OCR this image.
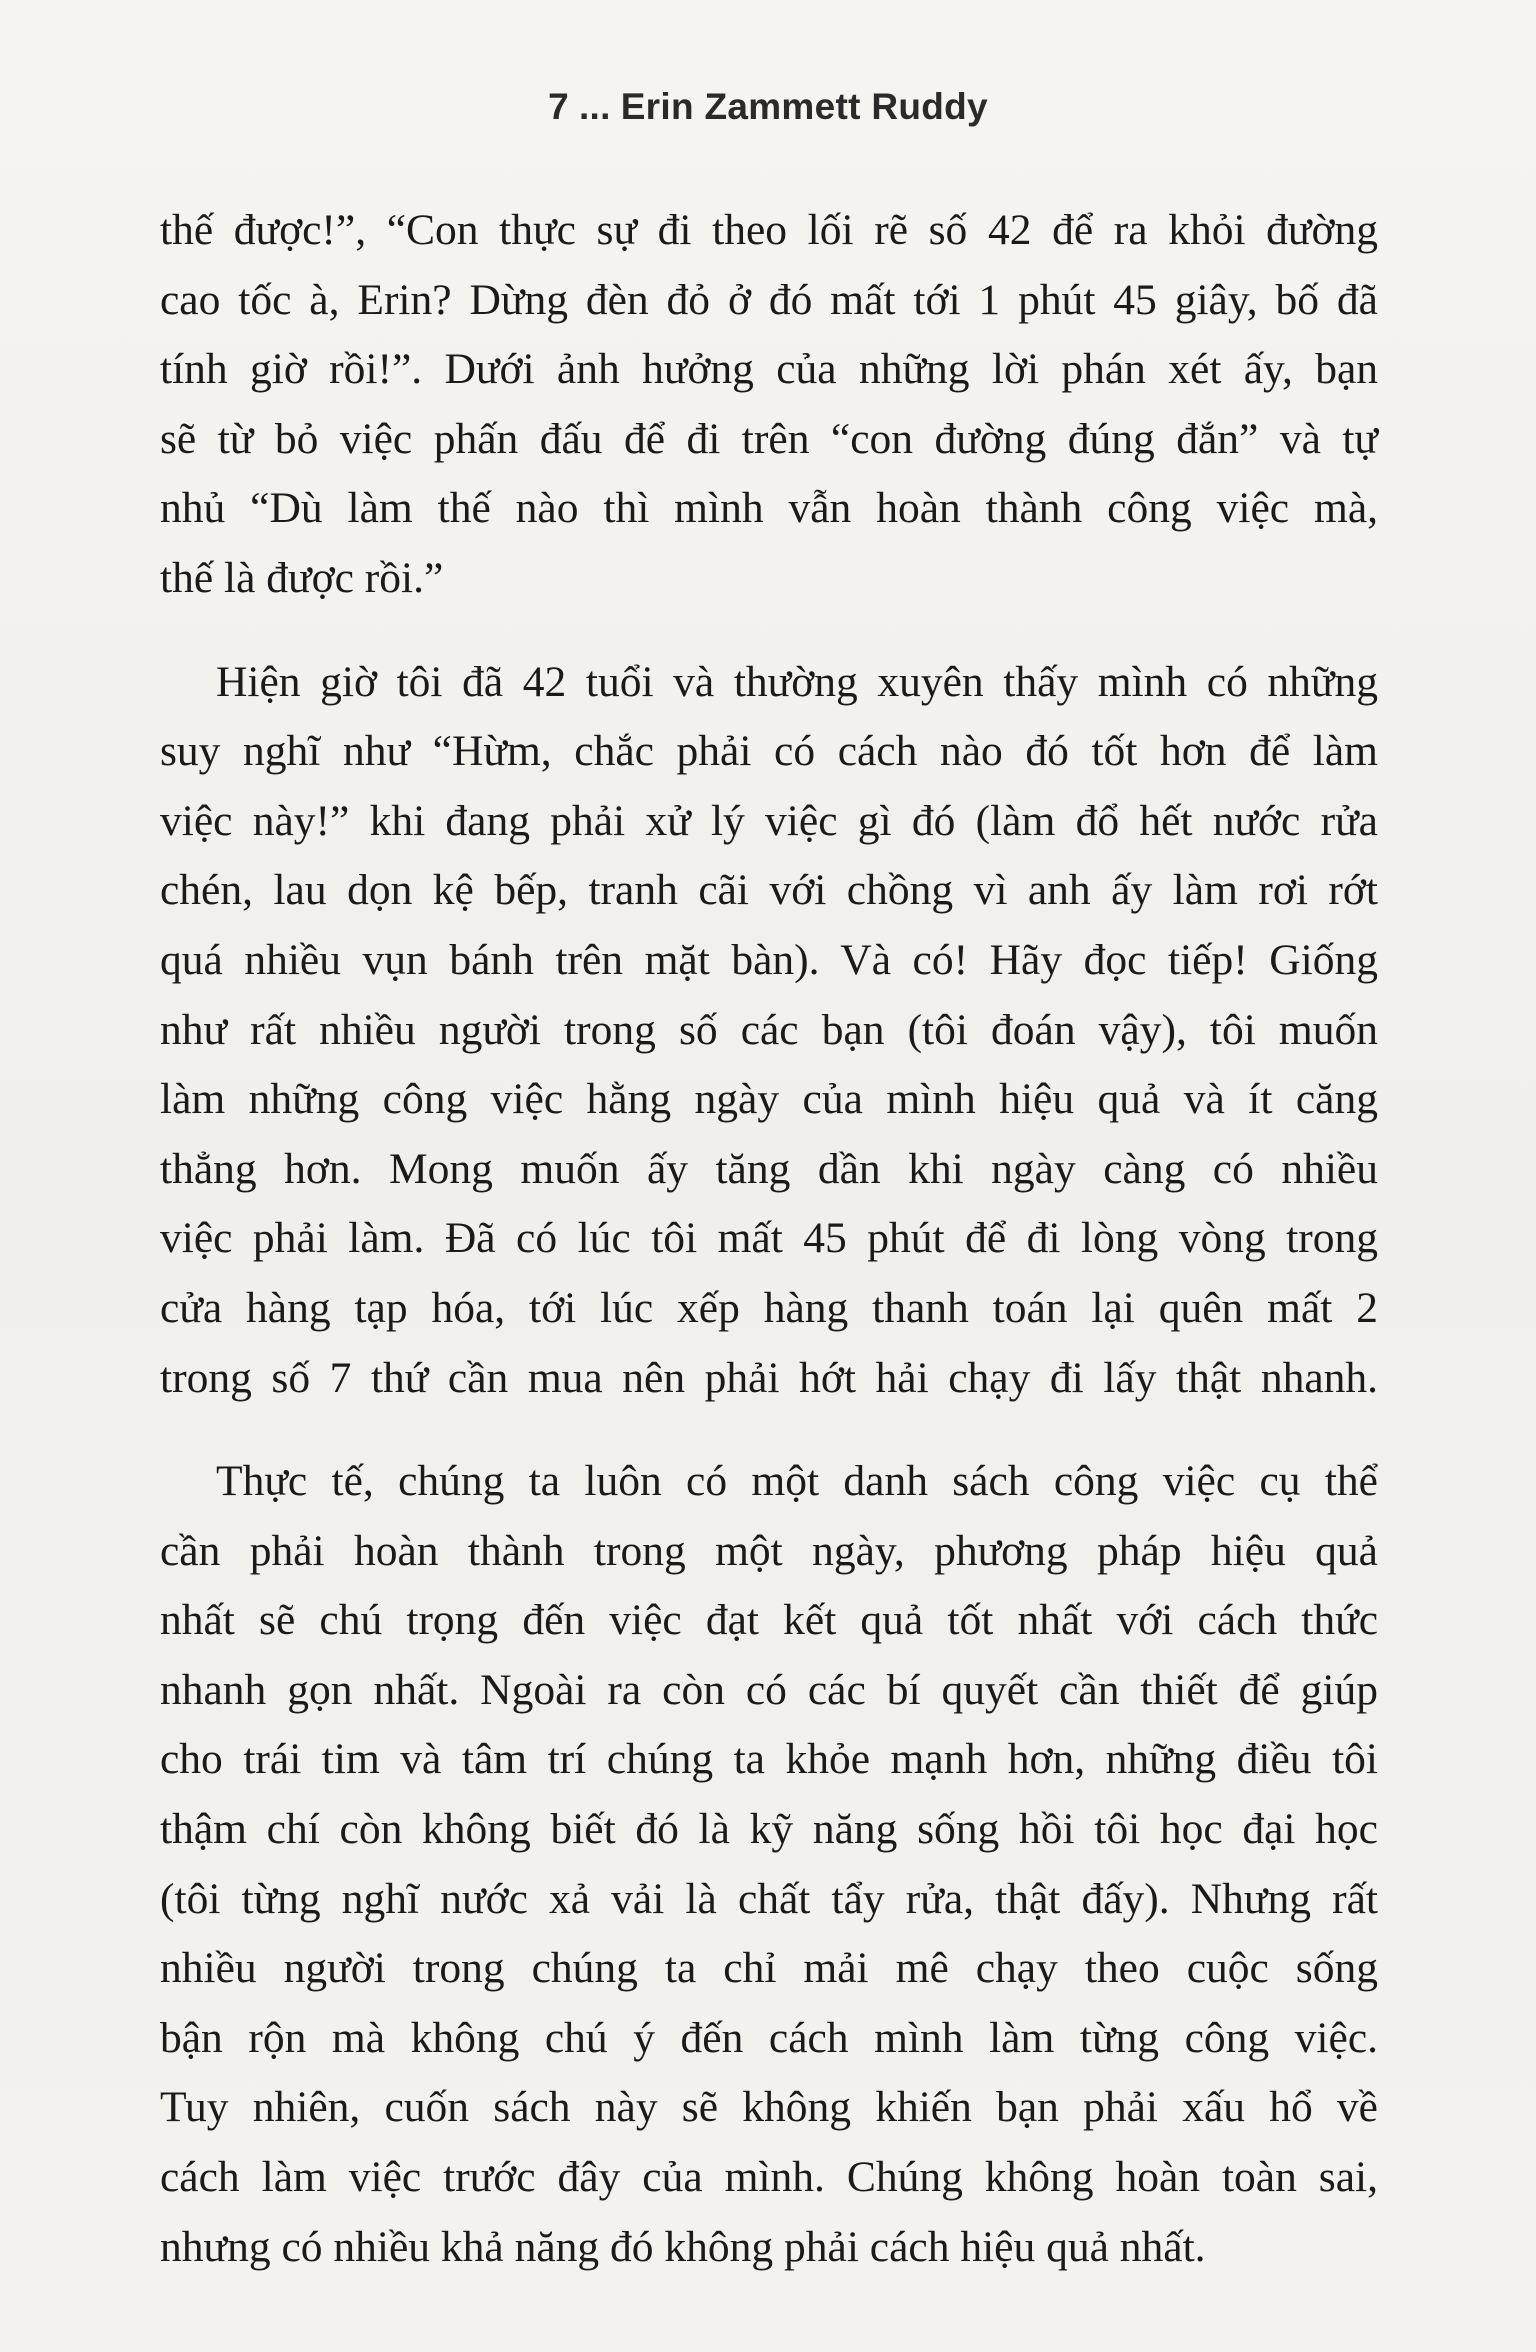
7 ... Erin Zammett Ruddy
thế được!”, “Con thực sự đi theo lối rẽ số 42 để ra khỏi đường
cao tốc à, Erin? Dừng đèn đỏ ở đó mất tới 1 phút 45 giây, bố đã
tính giờ rồi!”. Dưới ảnh hưởng của những lời phán xét ấy, bạn
sẽ từ bỏ việc phấn đấu để đi trên “con đường đúng đắn” và tự
nhủ “Dù làm thế nào thì mình vẫn hoàn thành công việc mà,
thế là được rồi.”
Hiện giờ tôi đã 42 tuổi và thường xuyên thấy mình có những
suy nghĩ như “Hừm, chắc phải có cách nào đó tốt hơn để làm
việc này!” khi đang phải xử lý việc gì đó (làm đổ hết nước rửa
chén, lau dọn kệ bếp, tranh cãi với chồng vì anh ấy làm rơi rớt
quá nhiều vụn bánh trên mặt bàn). Và có! Hãy đọc tiếp! Giống
như rất nhiều người trong số các bạn (tôi đoán vậy), tôi muốn
làm những công việc hằng ngày của mình hiệu quả và ít căng
thẳng hơn. Mong muốn ấy tăng dần khi ngày càng có nhiều
việc phải làm. Đã có lúc tôi mất 45 phút để đi lòng vòng trong
cửa hàng tạp hóa, tới lúc xếp hàng thanh toán lại quên mất 2
trong số 7 thứ cần mua nên phải hớt hải chạy đi lấy thật nhanh.
Thực tế, chúng ta luôn có một danh sách công việc cụ thể
cần phải hoàn thành trong một ngày, phương pháp hiệu quả
nhất sẽ chú trọng đến việc đạt kết quả tốt nhất với cách thức
nhanh gọn nhất. Ngoài ra còn có các bí quyết cần thiết để giúp
cho trái tim và tâm trí chúng ta khỏe mạnh hơn, những điều tôi
thậm chí còn không biết đó là kỹ năng sống hồi tôi học đại học
(tôi từng nghĩ nước xả vải là chất tẩy rửa, thật đấy). Nhưng rất
nhiều người trong chúng ta chỉ mải mê chạy theo cuộc sống
bận rộn mà không chú ý đến cách mình làm từng công việc.
Tuy nhiên, cuốn sách này sẽ không khiến bạn phải xấu hổ về
cách làm việc trước đây của mình. Chúng không hoàn toàn sai,
nhưng có nhiều khả năng đó không phải cách hiệu quả nhất.
